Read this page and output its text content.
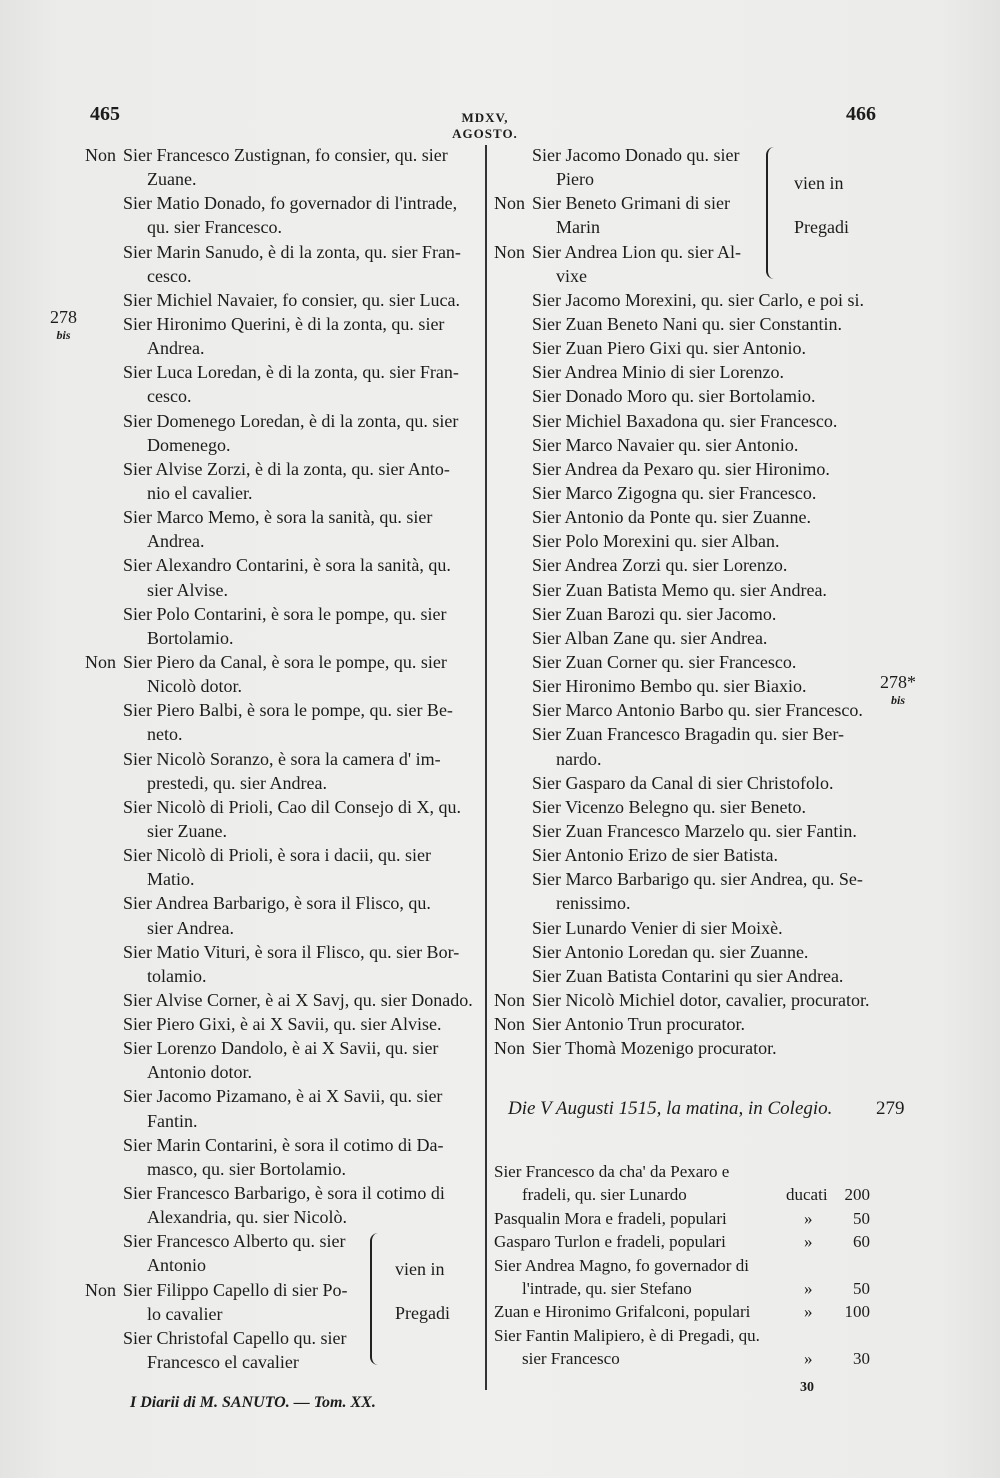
465	MDXV, AGOSTO.
466
278
bis
278*
bis
Non Sier Francesco Zustignan, fo consier, qu. sier
Zuane.
Sier Matio Donado, fo governador di l'intrade,
qu. sier Francesco.
Sier Marin Sanudo, è di la zonta, qu. sier Fran-
cesco.
Sier Michiel Navaier, fo consier, qu. sier Luca.
Sier Hironimo Querini, è di la zonta, qu. sier
Andrea.
Sier Luca Loredan, è di la zonta, qu. sier Fran-
cesco.
Sier Domenego Loredan, è di la zonta, qu. sier
Domenego.
Sier Alvise Zorzi, è di la zonta, qu. sier Anto-
nio el cavalier.
Sier Marco Memo, è sora la sanità, qu. sier
Andrea.
Sier Alexandro Contarini, è sora la sanità, qu.
sier Alvise.
Sier Polo Contarini, è sora le pompe, qu. sier
Bortolamio.
Non Sier Piero da Canal, è sora le pompe, qu. sier
Nicolò dotor.
Sier Piero Balbi, è sora le pompe, qu. sier Be-
neto.
Sier Nicolò Soranzo, è sora la camera d' im-
prestedi, qu. sier Andrea.
Sier Nicolò di Prioli, Cao dil Consejo di X, qu.
sier Zuane.
Sier Nicolò di Prioli, è sora i dacii, qu. sier
Matio.
Sier Andrea Barbarigo, è sora il Flisco, qu.
sier Andrea.
Sier Matio Vituri, è sora il Flisco, qu. sier Bor-
tolamio.
Sier Alvise Corner, è ai X Savj, qu. sier Donado.
Sier Piero Gixi, è ai X Savii, qu. sier Alvise.
Sier Lorenzo Dandolo, è ai X Savii, qu. sier
Antonio dotor.
Sier Jacomo Pizamano, è ai X Savii, qu. sier
Fantin.
Sier Marin Contarini, è sora il cotimo di Da-
masco, qu. sier Bortolamio.
Sier Francesco Barbarigo, è sora il cotimo di
Alexandria, qu. sier Nicolò.
Sier Francesco Alberto qu. sier
Antonio
Non Sier Filippo Capello di sier Po-
lo cavalier
Sier Christofal Capello qu. sier
Francesco el cavalier
vien in
Pregadi
Sier Jacomo Donado qu. sier
Piero
Non Sier Beneto Grimani di sier
Marin
Non Sier Andrea Lion qu. sier Al-
vixe
vien in
Pregadi
Sier Jacomo Morexini, qu. sier Carlo, e poi si.
Sier Zuan Beneto Nani qu. sier Constantin.
Sier Zuan Piero Gixi qu. sier Antonio.
Sier Andrea Minio di sier Lorenzo.
Sier Donado Moro qu. sier Bortolamio.
Sier Michiel Baxadona qu. sier Francesco.
Sier Marco Navaier qu. sier Antonio.
Sier Andrea da Pexaro qu. sier Hironimo.
Sier Marco Zigogna qu. sier Francesco.
Sier Antonio da Ponte qu. sier Zuanne.
Sier Polo Morexini qu. sier Alban.
Sier Andrea Zorzi qu. sier Lorenzo.
Sier Zuan Batista Memo qu. sier Andrea.
Sier Zuan Barozi qu. sier Jacomo.
Sier Alban Zane qu. sier Andrea.
Sier Zuan Corner qu. sier Francesco.
Sier Hironimo Bembo qu. sier Biaxio.
Sier Marco Antonio Barbo qu. sier Francesco.
Sier Zuan Francesco Bragadin qu. sier Ber-
nardo.
Sier Gasparo da Canal di sier Christofolo.
Sier Vicenzo Belegno qu. sier Beneto.
Sier Zuan Francesco Marzelo qu. sier Fantin.
Sier Antonio Erizo de sier Batista.
Sier Marco Barbarigo qu. sier Andrea, qu. Se-
renissimo.
Sier Lunardo Venier di sier Moixè.
Sier Antonio Loredan qu. sier Zuanne.
Sier Zuan Batista Contarini qu sier Andrea.
Non Sier Nicolò Michiel dotor, cavalier, procurator.
Non Sier Antonio Trun procurator.
Non Sier Thomà Mozenigo procurator.
Die V Augusti 1515, la matina, in Colegio. 279
Sier Francesco da cha' da Pexaro e
fradeli, qu. sier Lunardo	ducati 200
Pasqualin Mora e fradeli, populari	» 50
Gasparo Turlon e fradeli, populari	» 60
Sier Andrea Magno, fo governador di
l'intrade, qu. sier Stefano	» 50
Zuan e Hironimo Grifalconi, populari	» 100
Sier Fantin Malipiero, è di Pregadi, qu.
sier Francesco	» 30
I Diarii di M. SANUTO. — Tom. XX.
30
